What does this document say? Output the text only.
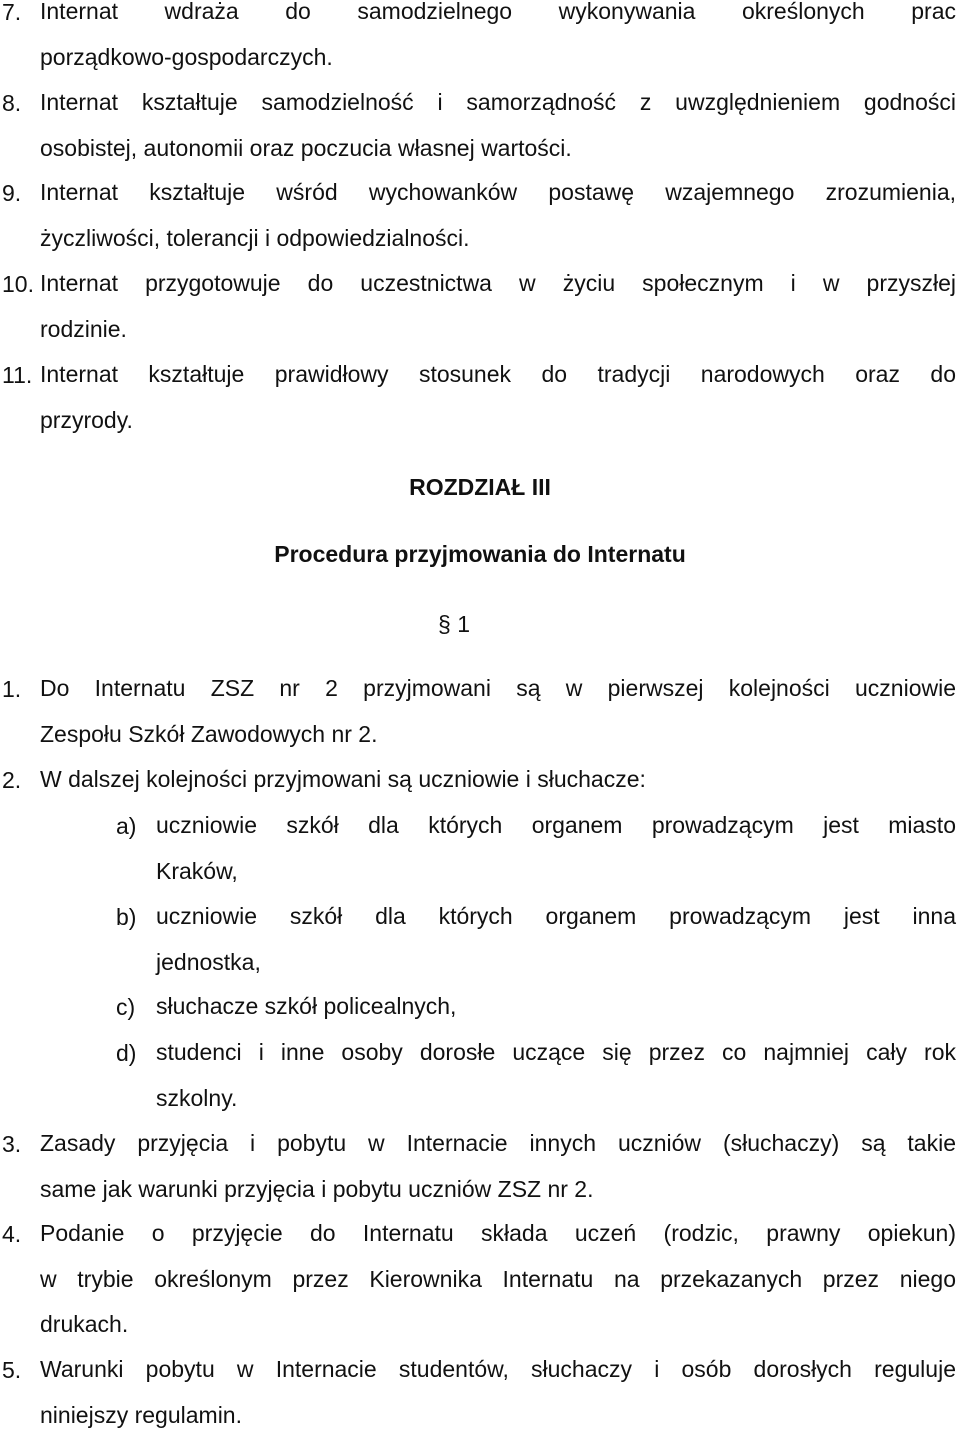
7. Internat wdraża do samodzielnego wykonywania określonych prac
porządkowo-gospodarczych.
8. Internat kształtuje samodzielność i samorządność z uwzględnieniem godności
osobistej, autonomii oraz poczucia własnej wartości.
9. Internat kształtuje wśród wychowanków postawę wzajemnego zrozumienia,
życzliwości, tolerancji i odpowiedzialności.
10. Internat przygotowuje do uczestnictwa w życiu społecznym i w przyszłej
rodzinie.
11. Internat kształtuje prawidłowy stosunek do tradycji narodowych oraz do
przyrody.
ROZDZIAŁ III
Procedura przyjmowania do Internatu
§ 1
1. Do Internatu ZSZ nr 2 przyjmowani są w pierwszej kolejności uczniowie
Zespołu Szkół Zawodowych nr 2.
2. W dalszej kolejności przyjmowani są uczniowie i słuchacze:
a) uczniowie szkół dla których organem prowadzącym jest miasto
Kraków,
b) uczniowie szkół dla których organem prowadzącym jest inna
jednostka,
c) słuchacze szkół policealnych,
d) studenci i inne osoby dorosłe uczące się przez co najmniej cały rok
szkolny.
3. Zasady przyjęcia i pobytu w Internacie innych uczniów (słuchaczy) są takie
same jak warunki przyjęcia i pobytu uczniów ZSZ nr 2.
4. Podanie o przyjęcie do Internatu składa uczeń (rodzic, prawny opiekun)
w trybie określonym przez Kierownika Internatu na przekazanych przez niego
drukach.
5. Warunki pobytu w Internacie studentów, słuchaczy i osób dorosłych reguluje
niniejszy regulamin.
